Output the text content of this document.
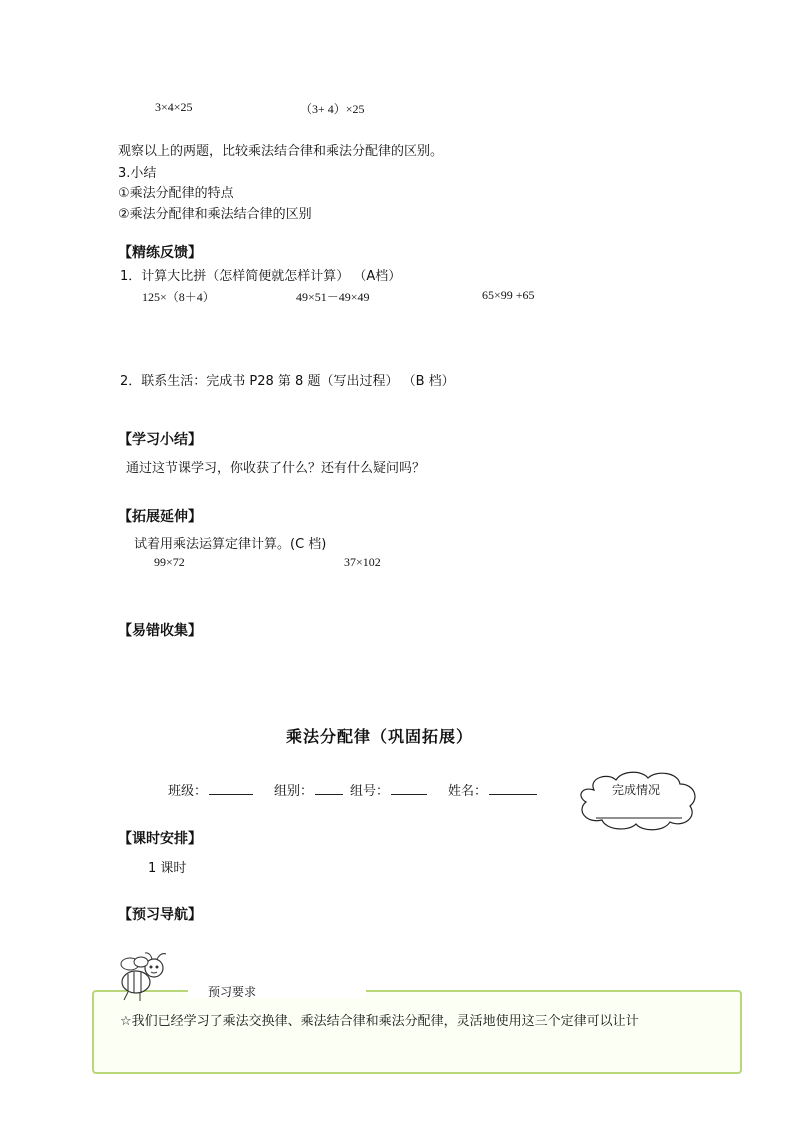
3×4×25	（3+ 4）×25
观察以上的两题，比较乘法结合律和乘法分配律的区别。
3.小结
①乘法分配律的特点
②乘法分配律和乘法结合律的区别
【精练反馈】
1．计算大比拼（怎样简便就怎样计算） （A档）
125×（8＋4）	49×51－49×49	65×99 +65
2．联系生活：完成书 P28 第 8 题（写出过程） （B 档）
【学习小结】
通过这节课学习，你收获了什么？还有什么疑问吗？
【拓展延伸】
试着用乘法运算定律计算。(C 档)
99×72	37×102
【易错收集】
乘法分配律（巩固拓展）
班级：	组别：	组号：	姓名：	完成情况
【课时安排】
1 课时
【预习导航】
预习要求
☆我们已经学习了乘法交换律、乘法结合律和乘法分配律，灵活地使用这三个定律可以让计
